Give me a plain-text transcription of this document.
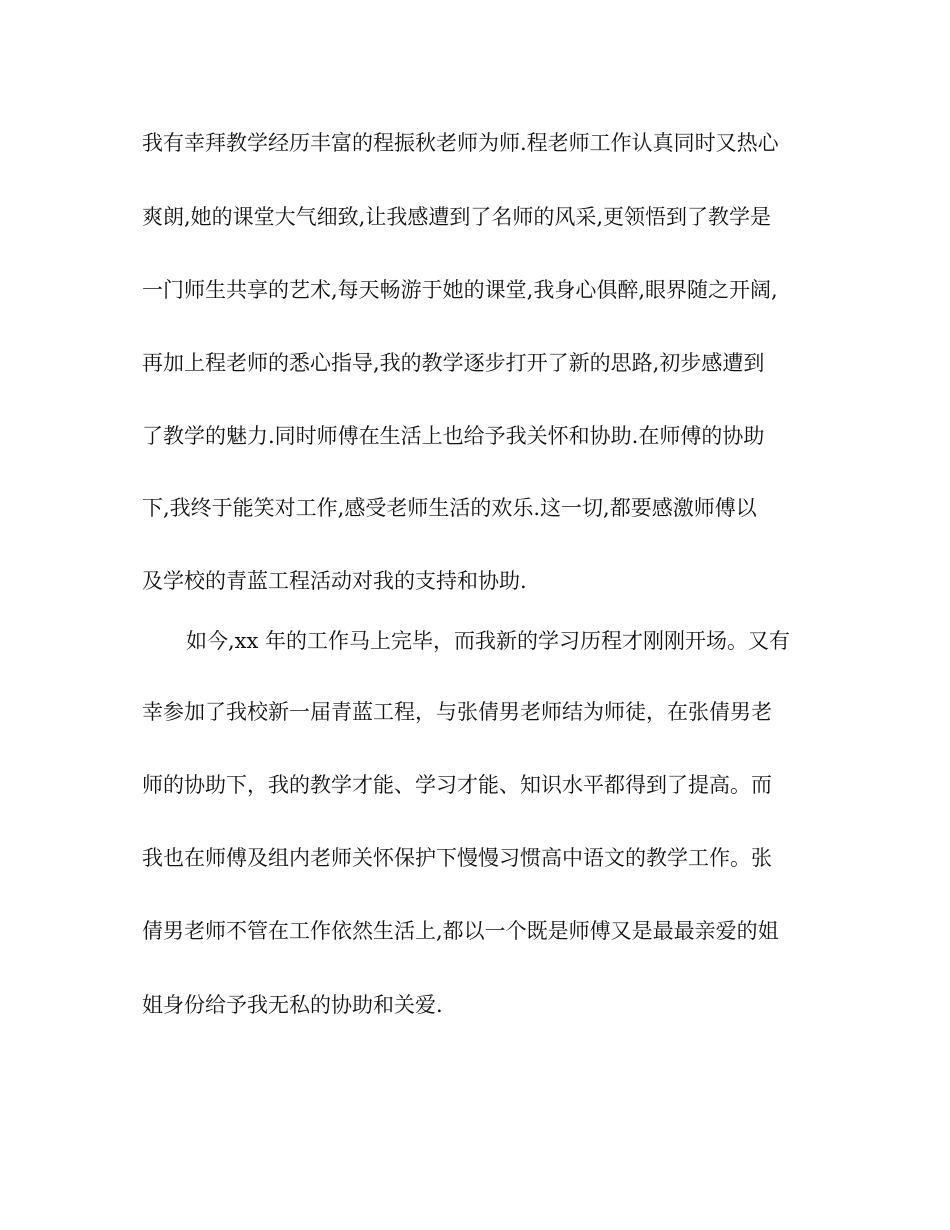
我有幸拜教学经历丰富的程振秋老师为师.程老师工作认真同时又热心
爽朗,她的课堂大气细致,让我感遭到了名师的风采,更领悟到了教学是
一门师生共享的艺术,每天畅游于她的课堂,我身心俱醉,眼界随之开阔,
再加上程老师的悉心指导,我的教学逐步打开了新的思路,初步感遭到
了教学的魅力.同时师傅在生活上也给予我关怀和协助.在师傅的协助
下,我终于能笑对工作,感受老师生活的欢乐.这一切,都要感激师傅以
及学校的青蓝工程活动对我的支持和协助.
如今,xx 年的工作马上完毕，而我新的学习历程才刚刚开场。又有
幸参加了我校新一届青蓝工程，与张倩男老师结为师徒，在张倩男老
师的协助下，我的教学才能、学习才能、知识水平都得到了提高。而
我也在师傅及组内老师关怀保护下慢慢习惯高中语文的教学工作。张
倩男老师不管在工作依然生活上,都以一个既是师傅又是最最亲爱的姐
姐身份给予我无私的协助和关爱.
